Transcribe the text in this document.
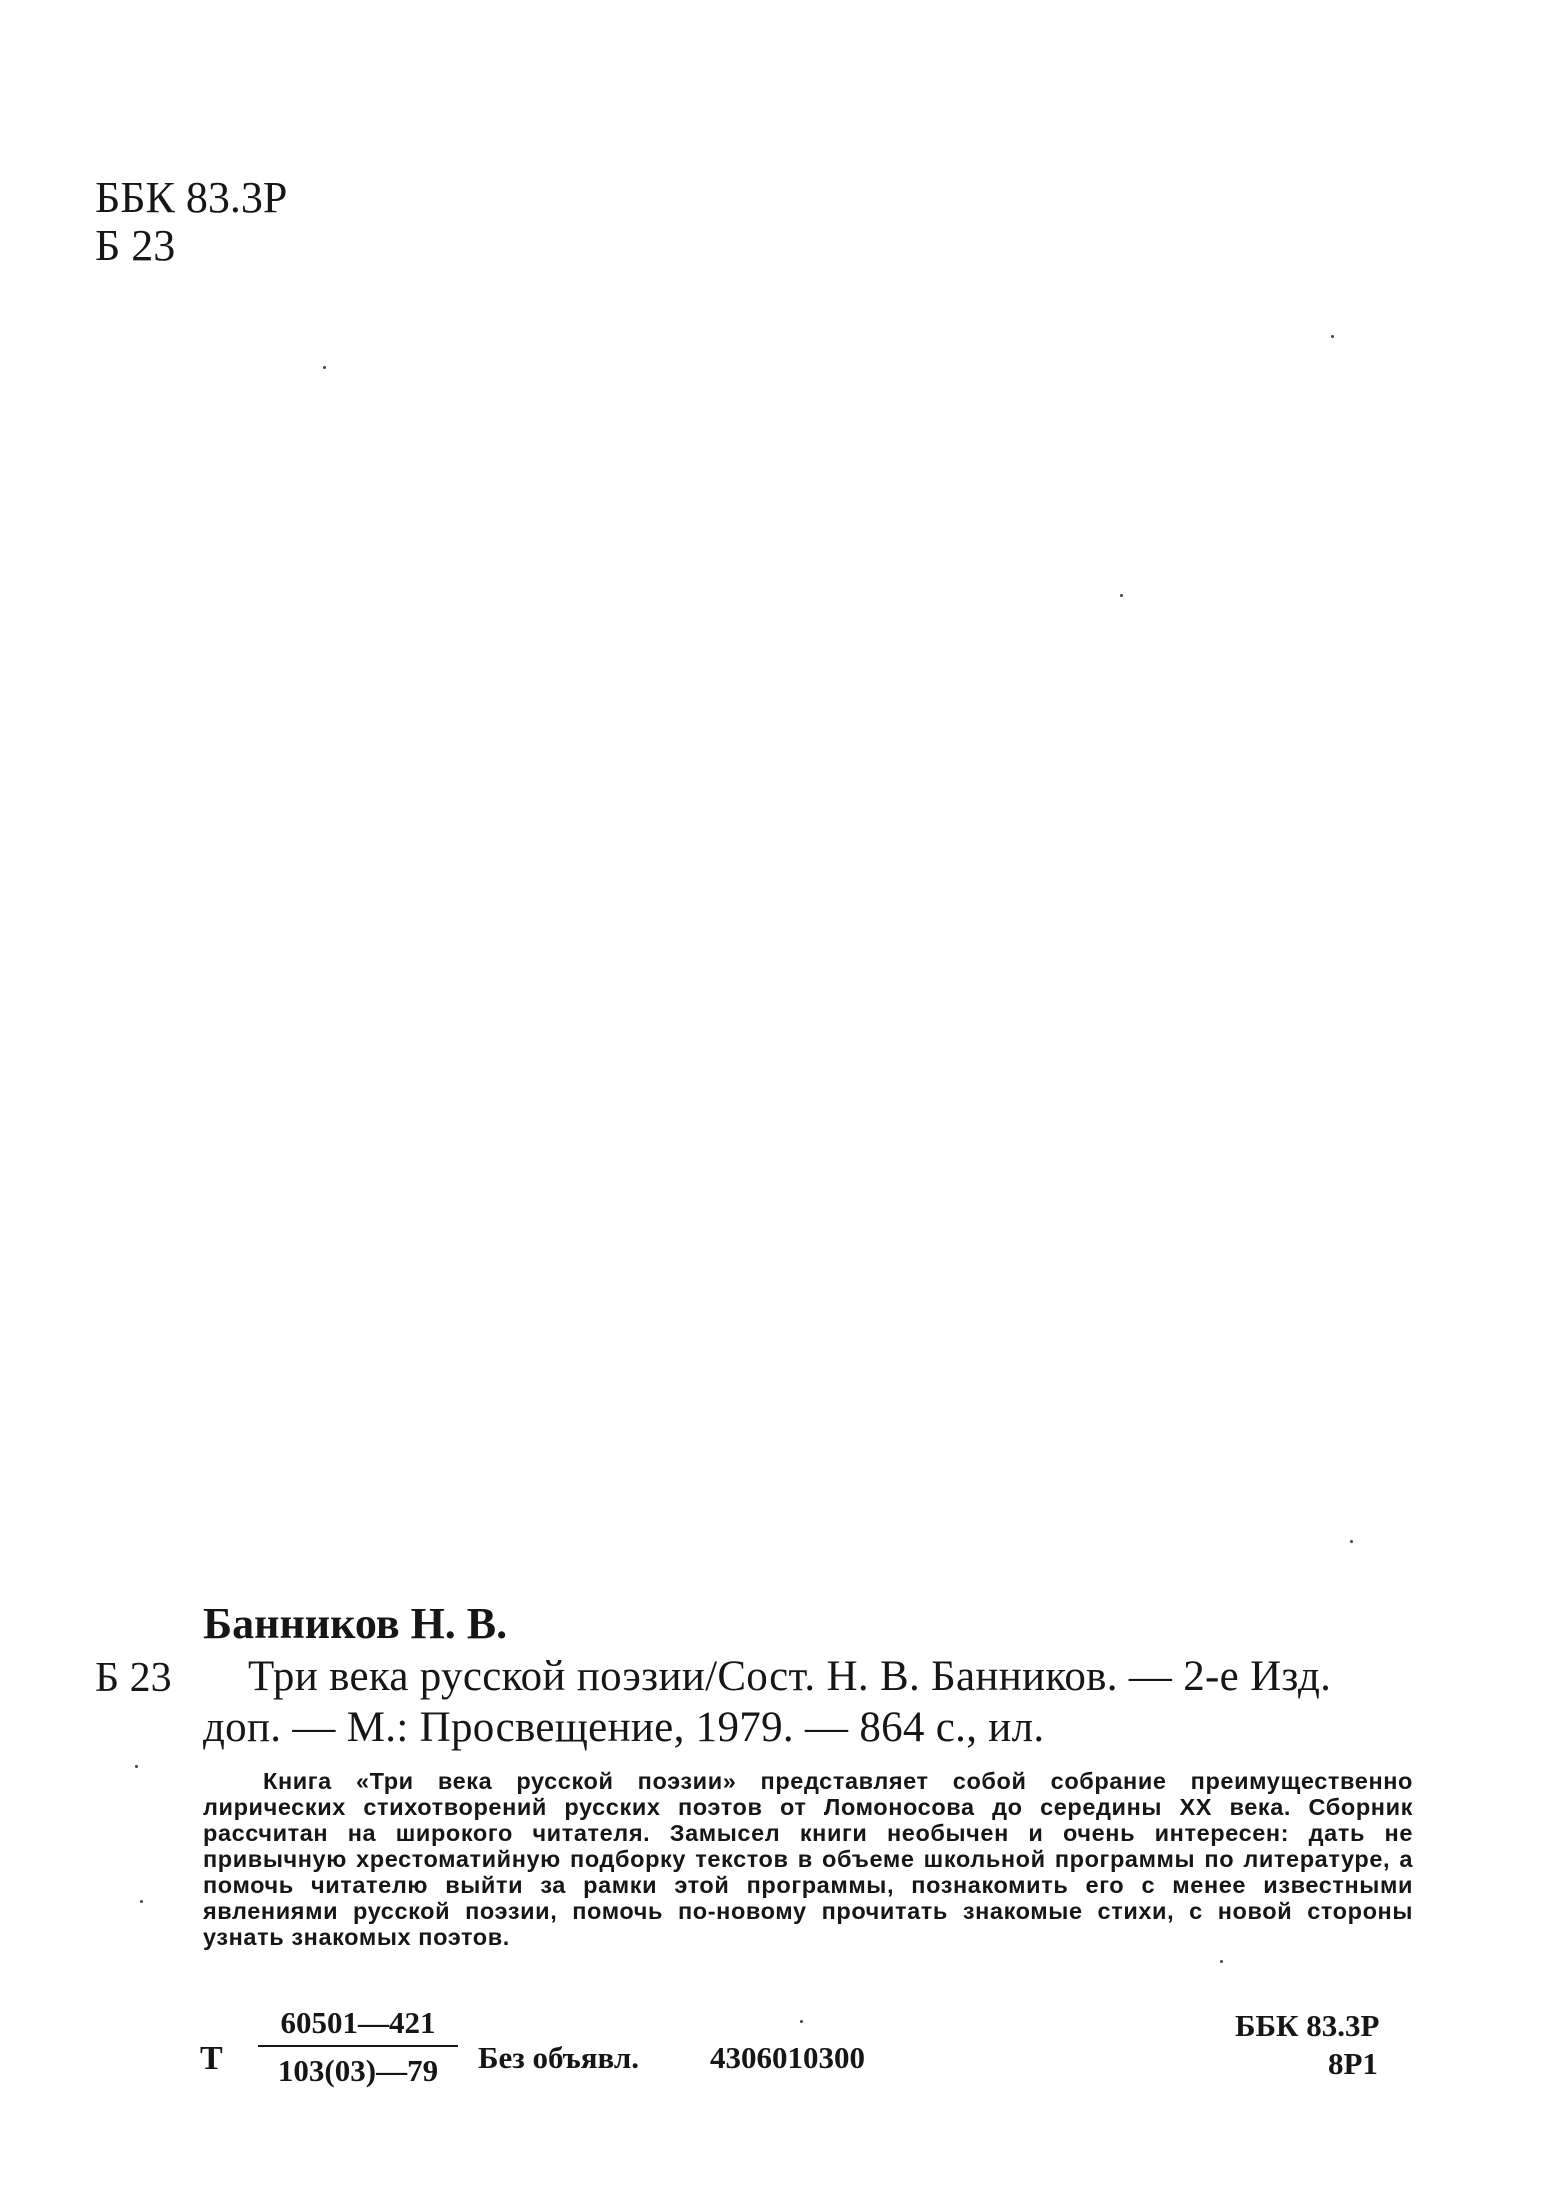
ББК 83.3Р
Б 23
Банников Н. В.
Б 23 Три века русской поэзии/Сост. Н. В. Банников. — 2-е Изд.
доп. — М.: Просвещение, 1979. — 864 с., ил.

Книга «Три века русской поэзии» представляет собой собрание преимущественно лирических стихотворений русских поэтов от Ломоносова до середины XX века. Сборник рассчитан на широкого читателя. Замысел книги необычен и очень интересен: дать не привычную хрестоматийную подборку текстов в объеме школьной программы по литературе, а помочь читателю выйти за рамки этой программы, познакомить его с менее известными явлениями русской поэзии, помочь по-новому прочитать знакомые стихи, с новой стороны узнать знакомых поэтов.

Т
60501—421
103(03)—79	Без объявл. 4306010300
ББК 83.3Р
8Р1
